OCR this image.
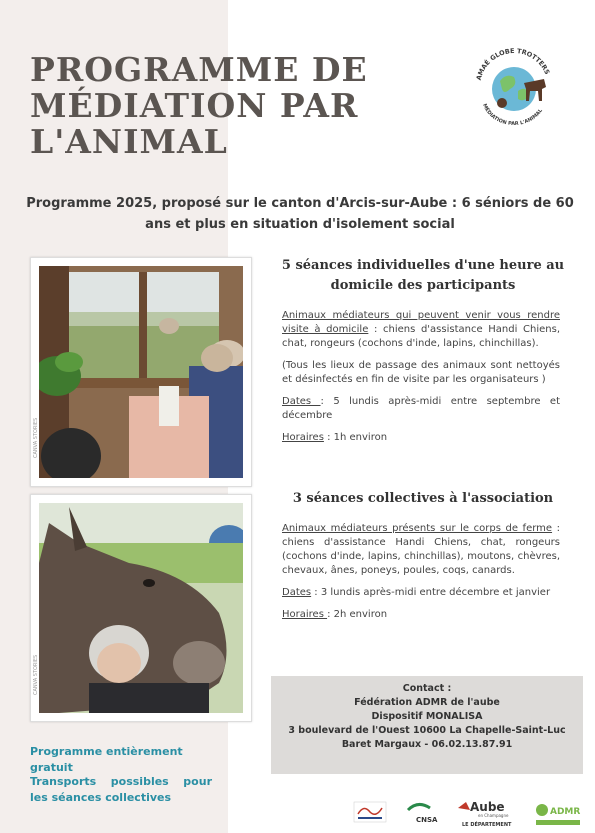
PROGRAMME DE
MÉDIATION PAR
L'ANIMAL
AMAÉ GLOBE TROTTERS
MÉDIATION PAR L'ANIMAL
Programme 2025, proposé sur le canton d'Arcis-sur-Aube : 6 séniors de 60
ans et plus en situation d'isolement social
CANVA STORIES
CANVA STORIES
5 séances individuelles d'une heure au
domicile des participants

Animaux médiateurs qui peuvent venir vous rendre visite à domicile : chiens d'assistance Handi Chiens, chat, rongeurs (cochons d'inde, lapins, chinchillas).

(Tous les lieux de passage des animaux sont nettoyés et désinfectés en fin de visite par les organisateurs )

Dates : 5 lundis après-midi entre septembre et décembre

Horaires : 1h environ

3 séances collectives à l'association

Animaux médiateurs présents sur le corps de ferme : chiens d'assistance Handi Chiens, chat, rongeurs (cochons d'inde, lapins, chinchillas), moutons, chèvres, chevaux, ânes, poneys, poules, coqs, canards.

Dates : 3 lundis après-midi entre décembre et janvier

Horaires : 2h environ

Contact :
Fédération ADMR de l'aube
Dispositif MONALISA
3 boulevard de l'Ouest 10600 La Chapelle-Saint-Luc
Baret Margaux - 06.02.13.87.91
Programme entièrement gratuit
Transports possibles pour les séances collectives
CNSA
Aube
en Champagne
LE DÉPARTEMENT
ADMR
